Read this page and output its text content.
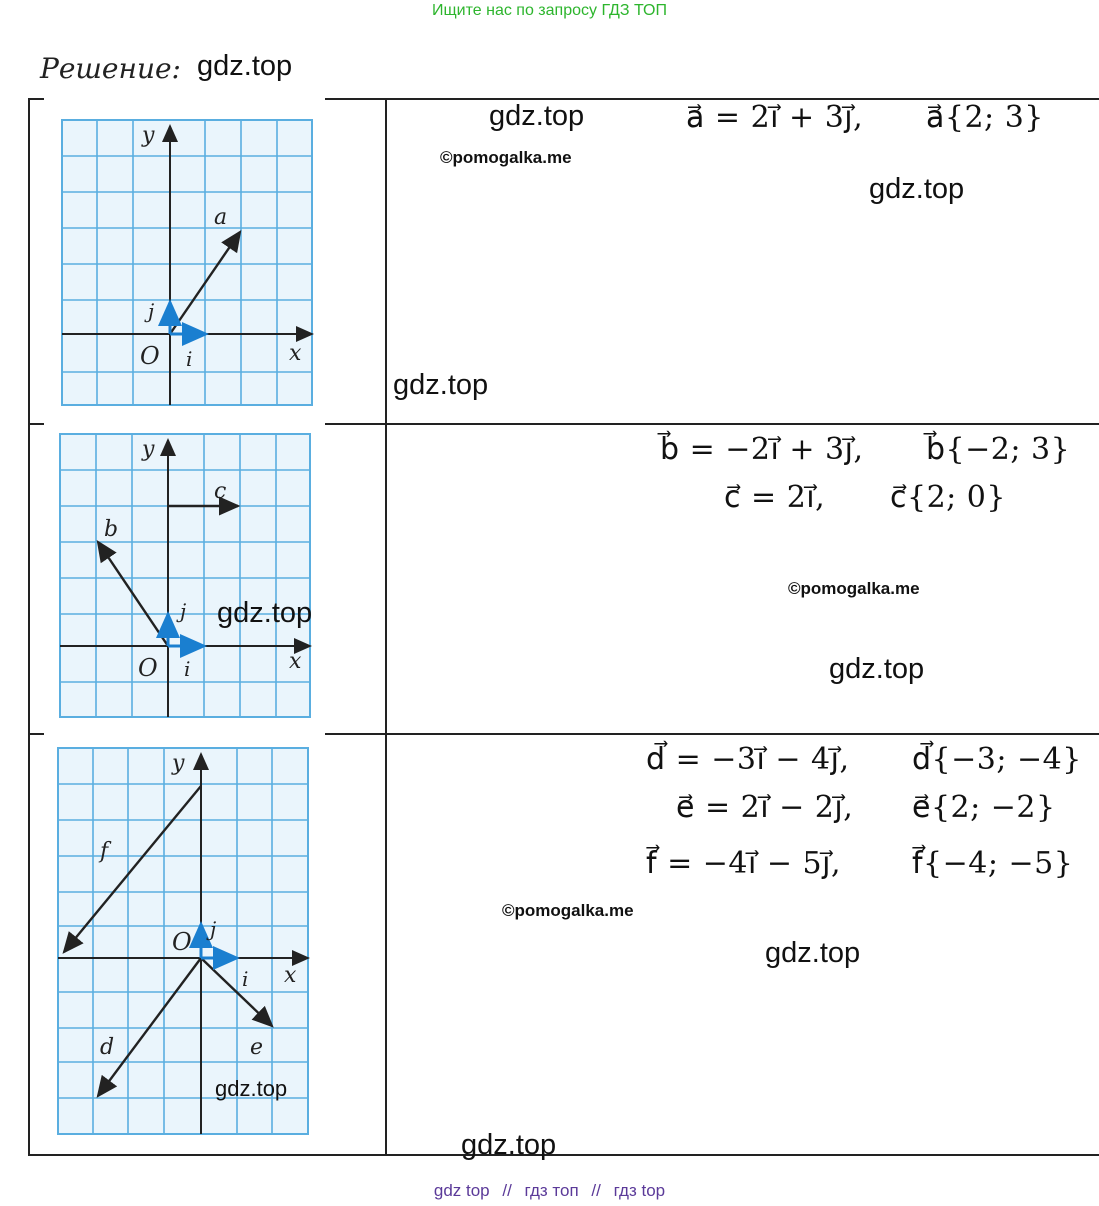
Ищите нас по запросу ГДЗ ТОП
Решение: gdz.top
y
x
O
a
i
j
y
x
O
b
c
i
j
y
x
O
f
d	e
i
j
a⃗ = 2i⃗ + 3j⃗, a⃗{2; 3}
b⃗ = −2i⃗ + 3j⃗, b⃗{−2; 3}
c⃗ = 2i⃗, c⃗{2; 0}
d⃗ = −3i⃗ − 4j⃗, d⃗{−3; −4}
e⃗ = 2i⃗ − 2j⃗, e⃗{2; −2}
f⃗ = −4i⃗ − 5j⃗, f⃗{−4; −5}
gdz.top
©pomogalka.me
gdz.top
gdz.top
gdz.top
©pomogalka.me
gdz.top
©pomogalka.me
gdz.top
gdz.top
gdz.top
gdz top // гдз топ // гдз top
